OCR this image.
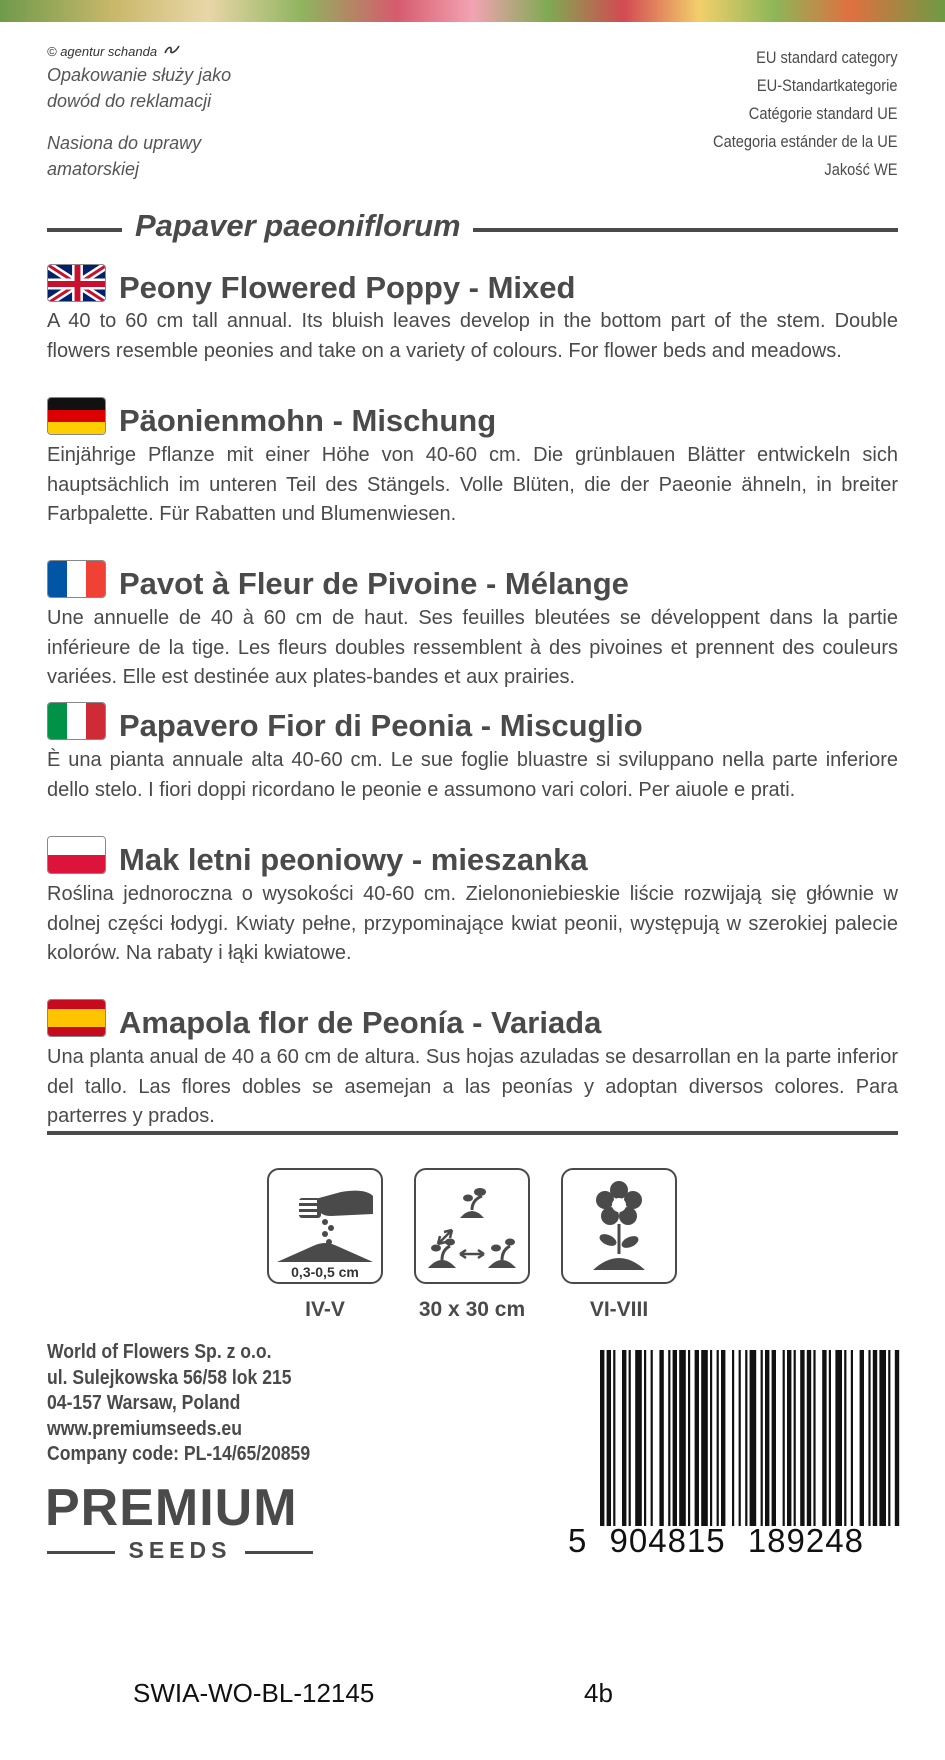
© agentur schanda
Opakowanie służy jako
dowód do reklamacji
Nasiona do uprawy
amatorskiej
EU standard category
EU-Standartkategorie
Catégorie standard UE
Categoria estánder de la UE
Jakość WE
Papaver paeoniflorum
Peony Flowered Poppy - Mixed
A 40 to 60 cm tall annual. Its bluish leaves develop in the bottom part of the stem. Double flowers resemble peonies and take on a variety of colours. For flower beds and meadows.
Päonienmohn - Mischung
Einjährige Pflanze mit einer Höhe von 40-60 cm. Die grünblauen Blätter entwickeln sich hauptsächlich im unteren Teil des Stängels. Volle Blüten, die der Paeonie ähneln, in breiter Farbpalette. Für Rabatten und Blumenwiesen.
Pavot à Fleur de Pivoine - Mélange
Une annuelle de 40 à 60 cm de haut. Ses feuilles bleutées se développent dans la partie inférieure de la tige. Les fleurs doubles ressemblent à des pivoines et prennent des couleurs variées. Elle est destinée aux plates-bandes et aux prairies.
Papavero Fior di Peonia - Miscuglio
È una pianta annuale alta 40-60 cm. Le sue foglie bluastre si sviluppano nella parte inferiore dello stelo. I fiori doppi ricordano le peonie e assumono vari colori. Per aiuole e prati.
Mak letni peoniowy - mieszanka
Roślina jednoroczna o wysokości 40-60 cm. Zielononiebieskie liście rozwijają się głównie w dolnej części łodygi. Kwiaty pełne, przypominające kwiat peonii, występują w szerokiej palecie kolorów. Na rabaty i łąki kwiatowe.
Amapola flor de Peonía - Variada
Una planta anual de 40 a 60 cm de altura. Sus hojas azuladas se desarrollan en la parte inferior del tallo. Las flores dobles se asemejan a las peonías y adoptan diversos colores. Para parterres y prados.
0,3-0,5 cm
IV-V	30 x 30 cm	VI-VIII
World of Flowers Sp. z o.o.
ul. Sulejkowska 56/58 lok 215
04-157 Warsaw, Poland
www.premiumseeds.eu
Company code: PL-14/65/20859
PREMIUM
SEEDS	5 904815 189248
SWIA-WO-BL-12145	4b
